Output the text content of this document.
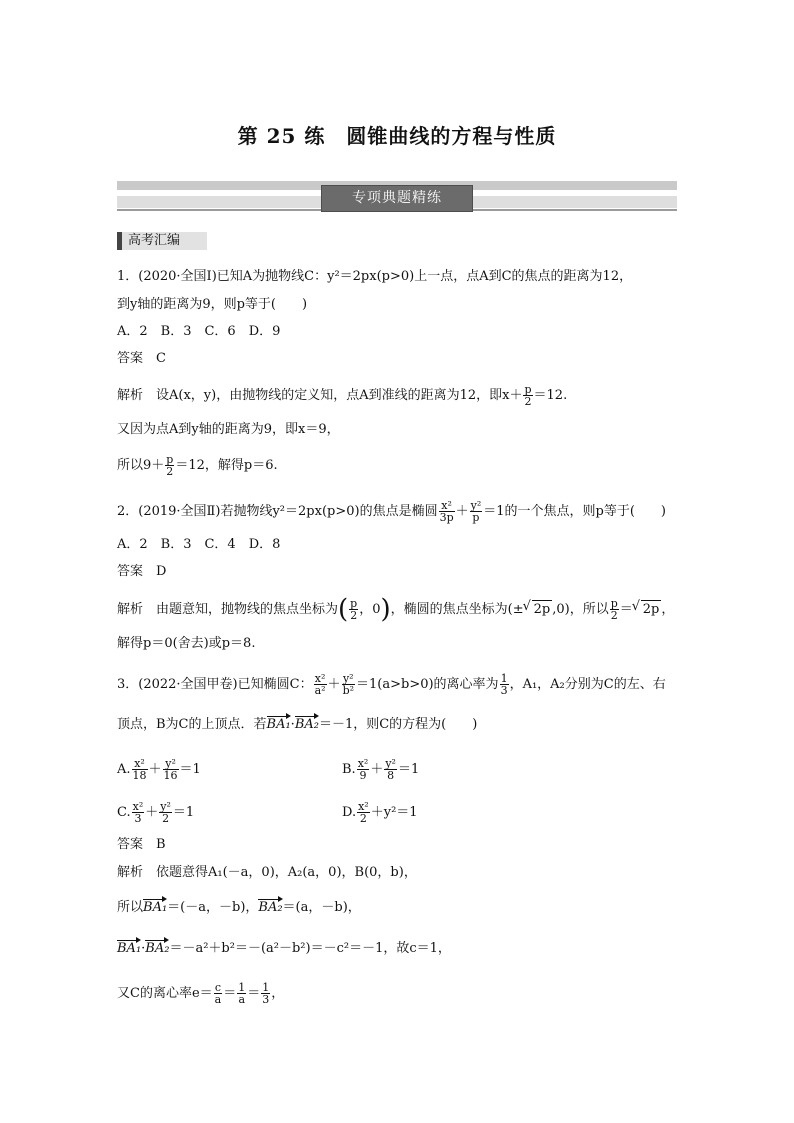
第 25 练　圆锥曲线的方程与性质
专项典题精练
高考汇编
1．(2020·全国Ⅰ)已知A为抛物线C：y²＝2px(p>0)上一点，点A到C的焦点的距离为12，
到y轴的距离为9，则p等于(　　)
A．2　B．3　C．6　D．9
答案　C
解析　设A(x，y)，由抛物线的定义知，点A到准线的距离为12，即$x+ \frac{p}{2} =12$.
又因为点A到y轴的距离为9，即x＝9，
所以$9+ \frac{p}{2} =12$，解得p＝6.
2．(2019·全国Ⅱ)若抛物线y²＝2px(p>0)的焦点是椭圆 $\frac{\text{x²}}{3p} + \frac{\text{y²}}{p} =1$的一个焦点，则p等于(　　)
A．2　B．3　C．4　D．8
答案　D
解析　由题意知，抛物线的焦点坐标为( $\frac{p}{2}$ ，0)，椭圆的焦点坐标为(± √ 2p ,0)，所以 $\frac{p}{2}$ ＝ √ 2p ，
解得p＝0(舍去)或p＝8.
3．(2022·全国甲卷)已知椭圆C： $\frac{\text{x²}}{\text{a²}} + \frac{\text{y²}}{\text{b²}} =1(a>b>0)$的离心率为 $\frac{1}{3}$ ，A₁，A₂分别为C的左、右
顶点，B为C的上顶点．若BA₁·BA₂＝－1，则C的方程为(　　)
A. $\frac{\text{x²}}{18} + \frac{\text{y²}}{16} =1$	B. $\frac{\text{x²}}{9} + \frac{\text{y²}}{8} =1$
C. $\frac{\text{x²}}{3} + \frac{\text{y²}}{2} =1$	D. $\frac{\text{x²}}{2} +y^2=1$
答案　B
解析　依题意得A₁(－a，0)，A₂(a，0)，B(0，b)，
所以BA₁＝(－a，－b)，BA₂＝(a，－b)，
BA₁·BA₂＝－a²＋b²＝－(a²－b²)＝－c²＝－1，故c＝1，
又C的离心率$e= \frac{c}{a} = \frac{1}{a} = \frac{1}{3}$ ，
